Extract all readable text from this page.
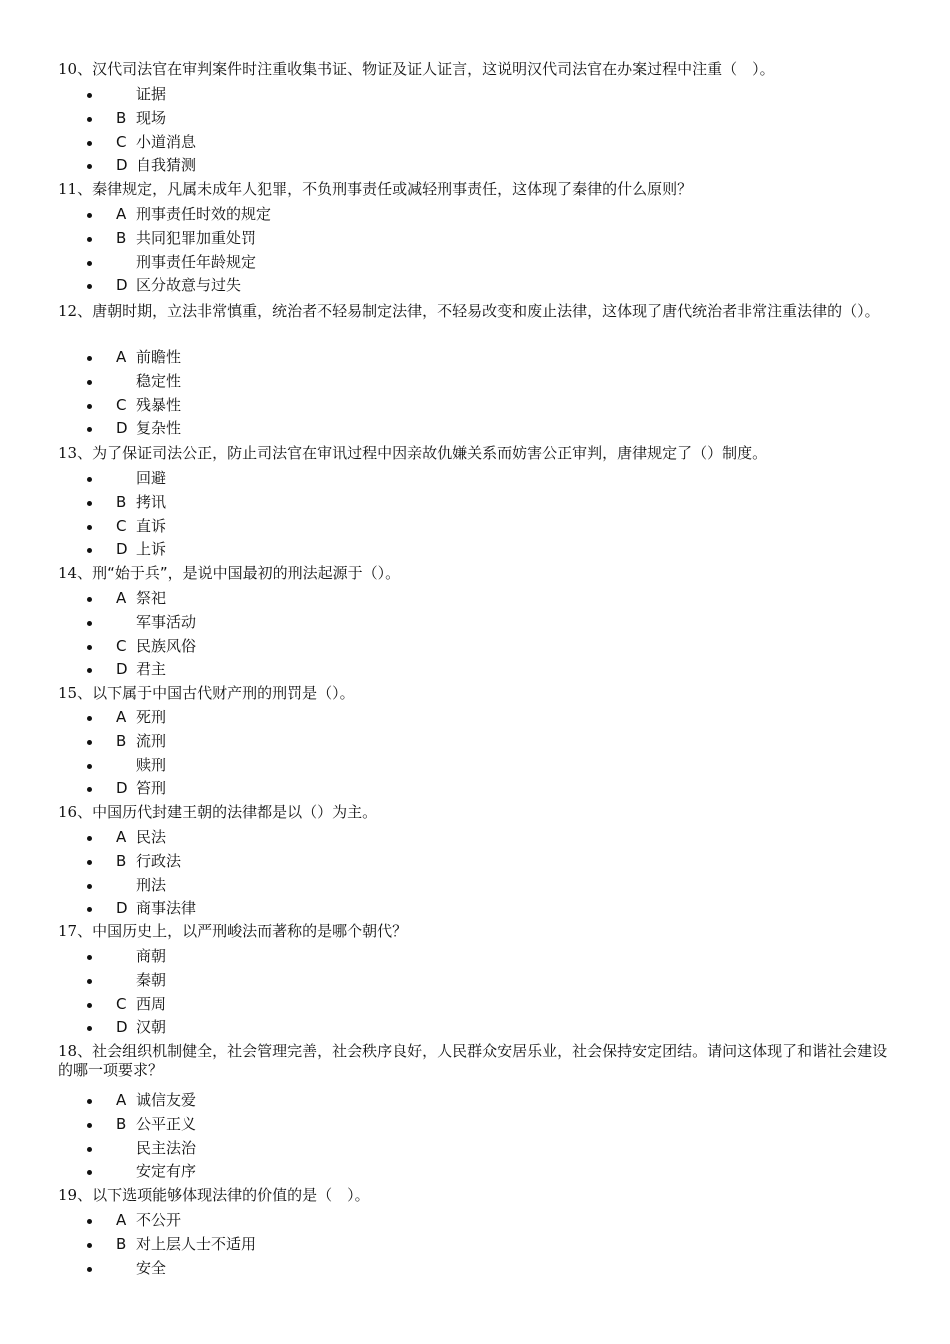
10、汉代司法官在审判案件时注重收集书证、物证及证人证言，这说明汉代司法官在办案过程中注重（　）。

证据
B 现场
C 小道消息
D 自我猜测

11、秦律规定，凡属未成年人犯罪，不负刑事责任或减轻刑事责任，这体现了秦律的什么原则？

A 刑事责任时效的规定
B 共同犯罪加重处罚
刑事责任年龄规定
D 区分故意与过失

12、唐朝时期，立法非常慎重，统治者不轻易制定法律，不轻易改变和废止法律，这体现了唐代统治者非常注重法律的（）。

A 前瞻性
稳定性
C 残暴性
D 复杂性

13、为了保证司法公正，防止司法官在审讯过程中因亲故仇嫌关系而妨害公正审判，唐律规定了（）制度。

回避
B 拷讯
C 直诉
D 上诉

14、刑“始于兵”，是说中国最初的刑法起源于（）。

A 祭祀
军事活动
C 民族风俗
D 君主

15、以下属于中国古代财产刑的刑罚是（）。

A 死刑
B 流刑
赎刑
D 笞刑

16、中国历代封建王朝的法律都是以（）为主。

A 民法
B 行政法
刑法
D 商事法律

17、中国历史上，以严刑峻法而著称的是哪个朝代？

商朝
秦朝
C 西周
D 汉朝

18、社会组织机制健全，社会管理完善，社会秩序良好，人民群众安居乐业，社会保持安定团结。请问这体现了和谐社会建设的哪一项要求？

A 诚信友爱
B 公平正义
民主法治
安定有序

19、以下选项能够体现法律的价值的是（　）。

A 不公开
B 对上层人士不适用
安全
